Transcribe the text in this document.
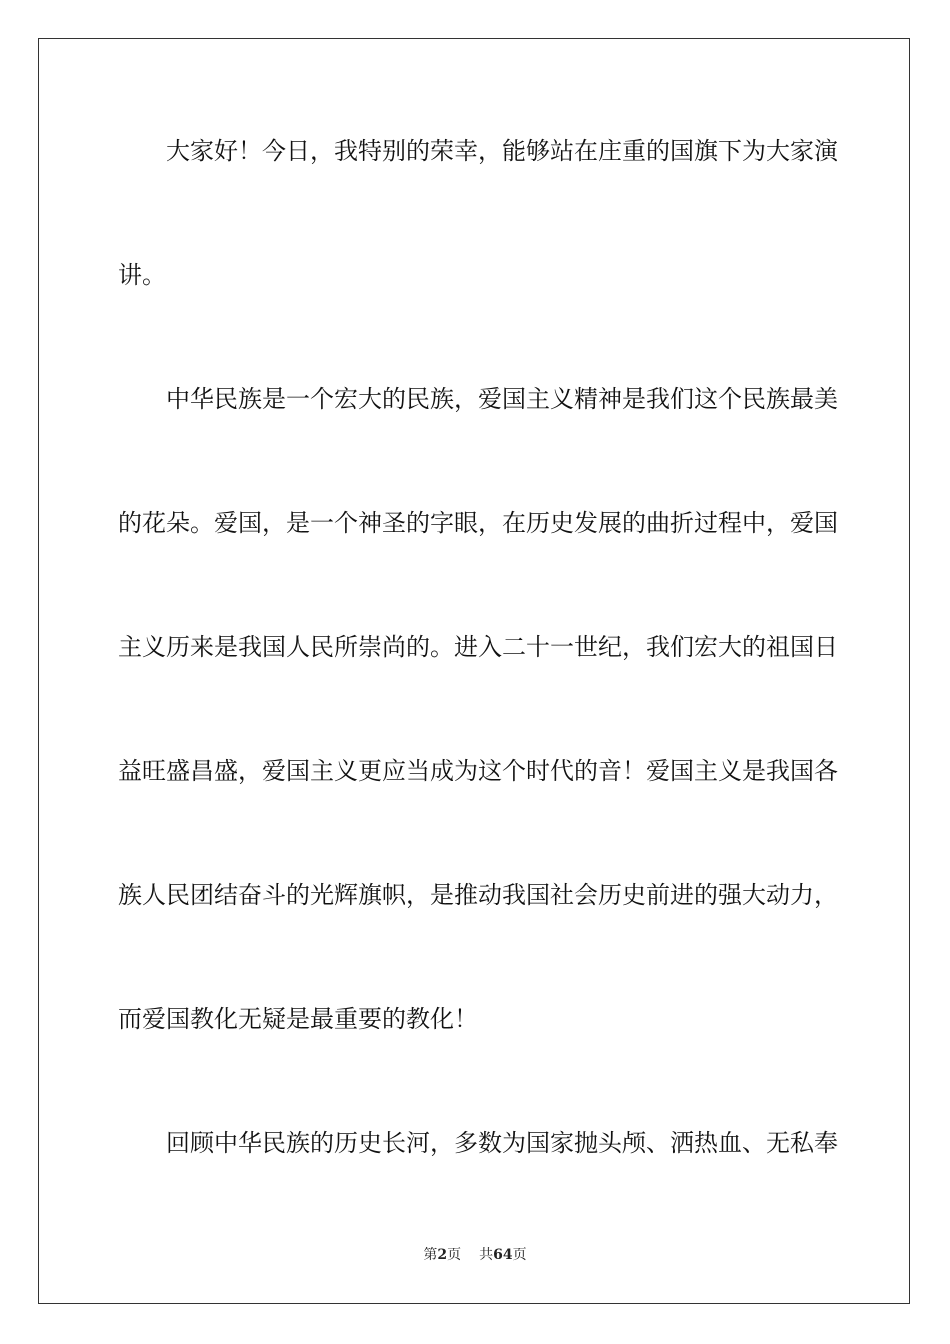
大家好！今日，我特别的荣幸，能够站在庄重的国旗下为大家演
讲。
中华民族是一个宏大的民族，爱国主义精神是我们这个民族最美
的花朵。爱国，是一个神圣的字眼，在历史发展的曲折过程中，爱国
主义历来是我国人民所崇尚的。进入二十一世纪，我们宏大的祖国日
益旺盛昌盛，爱国主义更应当成为这个时代的音！爱国主义是我国各
族人民团结奋斗的光辉旗帜，是推动我国社会历史前进的强大动力，
而爱国教化无疑是最重要的教化！
回顾中华民族的历史长河，多数为国家抛头颅、洒热血、无私奉
第2页 共64页
